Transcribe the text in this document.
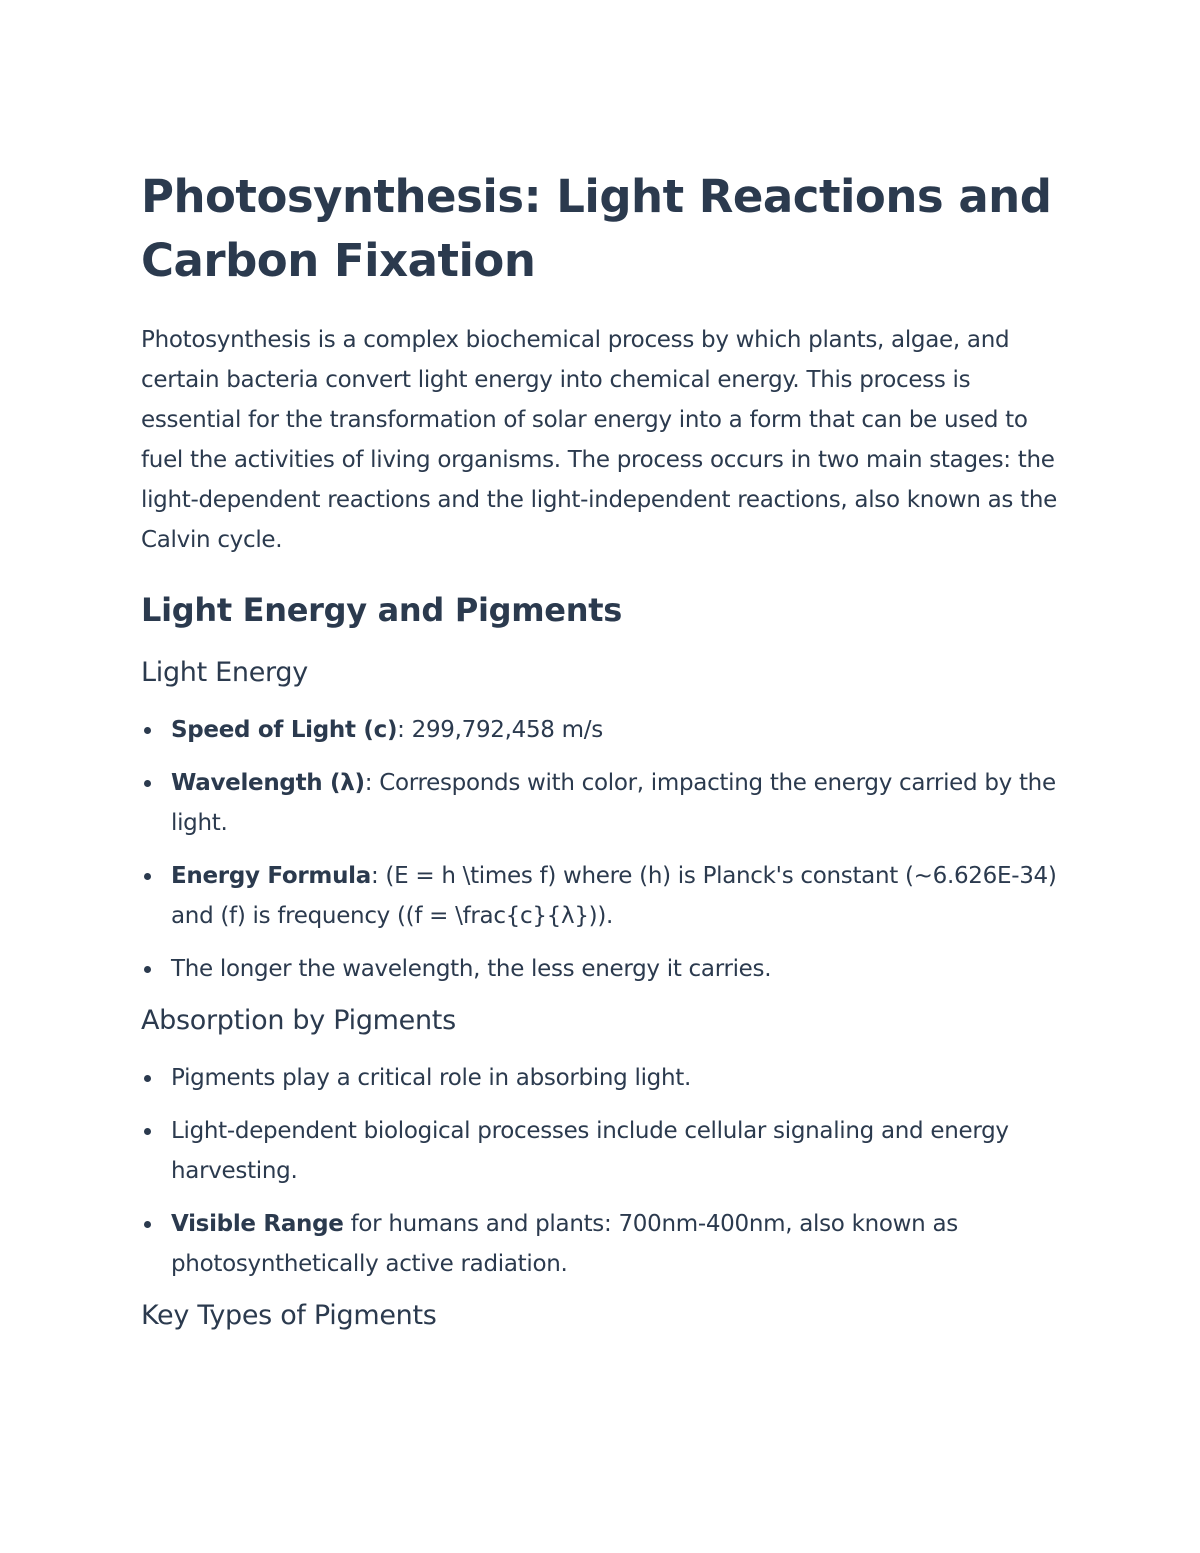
Photosynthesis: Light Reactions and Carbon Fixation

Photosynthesis is a complex biochemical process by which plants, algae, and certain bacteria convert light energy into chemical energy. This process is essential for the transformation of solar energy into a form that can be used to fuel the activities of living organisms. The process occurs in two main stages: the light-dependent reactions and the light-independent reactions, also known as the Calvin cycle.

Light Energy and Pigments
Light Energy
Speed of Light (c): 299,792,458 m/s
Wavelength (λ): Corresponds with color, impacting the energy carried by the light.
Energy Formula: (E = h \times f) where (h) is Planck's constant (~6.626E-34) and (f) is frequency ((f = \frac{c}{λ})).
The longer the wavelength, the less energy it carries.
Absorption by Pigments
Pigments play a critical role in absorbing light.
Light-dependent biological processes include cellular signaling and energy harvesting.
Visible Range for humans and plants: 700nm-400nm, also known as photosynthetically active radiation.
Key Types of Pigments
